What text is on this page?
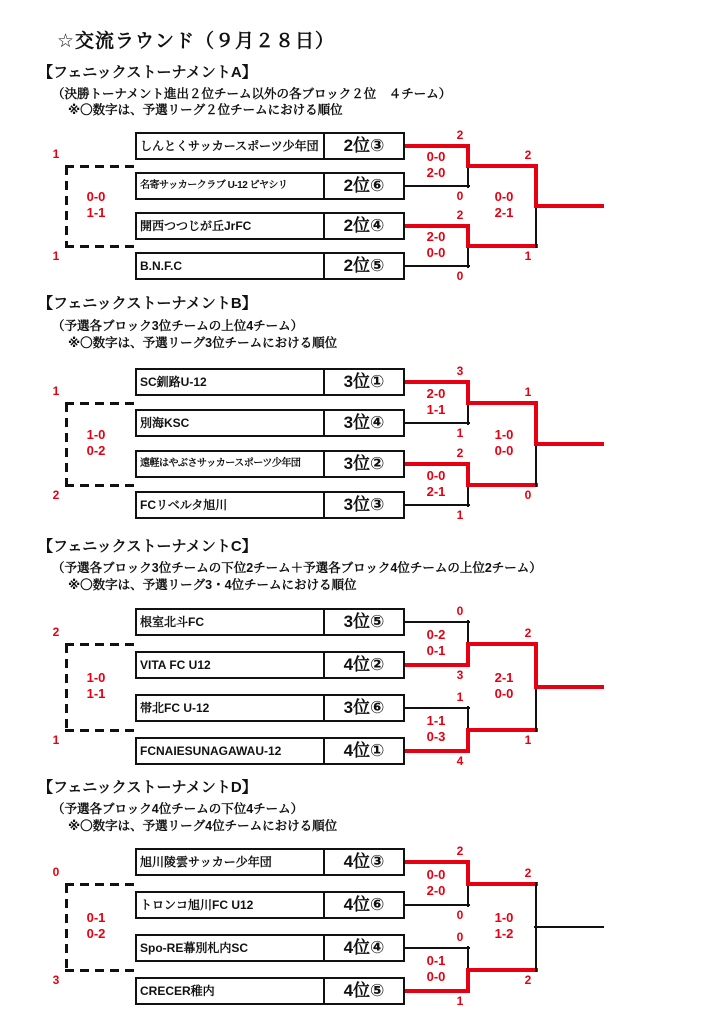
☆交流ラウンド（９月２８日）
【フェニックストーナメントA】
（決勝トーナメント進出２位チーム以外の各ブロック２位　４チーム）
※〇数字は、予選リーグ２位チームにおける順位
しんとくサッカースポーツ少年団	2位③
名寄サッカークラブ U-12 ピヤシリ	2位⑥
開西つつじが丘JrFC	2位④
B.N.F.C	2位⑤
2
0
0-0
2-0
2
0
2-0
0-0
2
1
0-0
2-1
1
1
0-0
1-1
【フェニックストーナメントB】
（予選各ブロック3位チームの上位4チーム）
※〇数字は、予選リーグ3位チームにおける順位
SC釧路U-12	3位①
別海KSC	3位④
遠軽はやぶさサッカースポーツ少年団	3位②
FCリベルタ旭川	3位③
3
1
2-0
1-1
2
1
0-0
2-1
1
0
1-0
0-0
1
2
1-0
0-2
【フェニックストーナメントC】
（予選各ブロック3位チームの下位2チーム＋予選各ブロック4位チームの上位2チーム）
※〇数字は、予選リーグ3・4位チームにおける順位
根室北斗FC	3位⑤
VITA FC U12	4位②
帯北FC U-12	3位⑥
FCNAIESUNAGAWAU-12	4位①
0
3
0-2
0-1
1
4
1-1
0-3
2
1
2-1
0-0
2
1
1-0
1-1
【フェニックストーナメントD】
（予選各ブロック4位チームの下位4チーム）
※〇数字は、予選リーグ4位チームにおける順位
旭川陵雲サッカー少年団	4位③
トロンコ旭川FC U12	4位⑥
Spo-RE幕別札内SC	4位④
CRECER稚内	4位⑤
2
0
0-0
2-0
0
1
0-1
0-0
2
2
1-0
1-2
0
3
0-1
0-2
